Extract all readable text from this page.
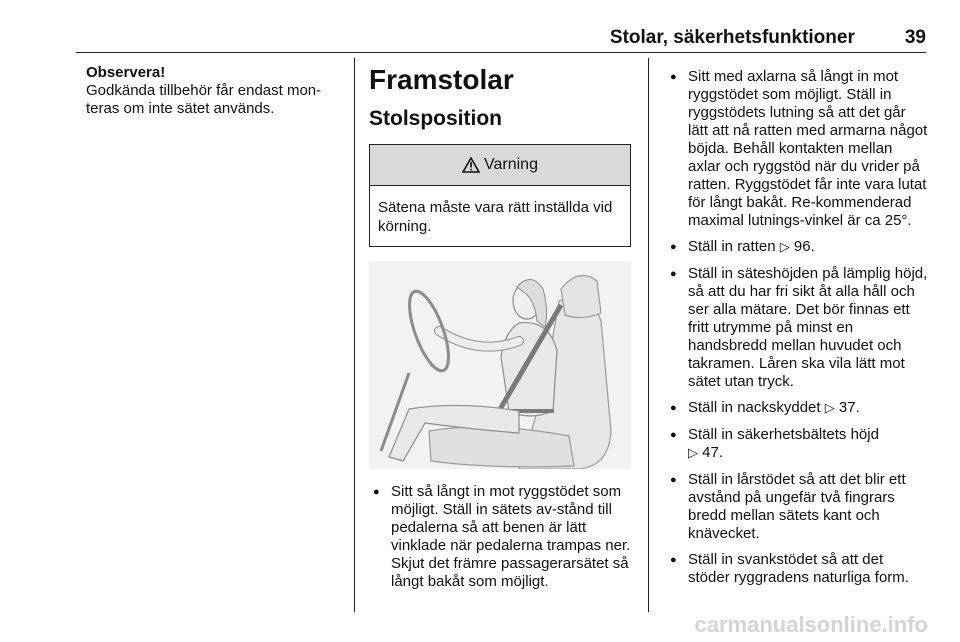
Stolar, säkerhetsfunktioner	39
Observera!
Godkända tillbehör får endast mon-teras om inte sätet används.
Framstolar
Stolsposition
Varning
Sätena måste vara rätt inställda vid körning.
● Sitt så långt in mot ryggstödet som möjligt. Ställ in sätets av-stånd till pedalerna så att benen är lätt vinklade när pedalerna trampas ner. Skjut det främre passagerarsätet så långt bakåt som möjligt.
● Sitt med axlarna så långt in mot ryggstödet som möjligt. Ställ in ryggstödets lutning så att det går lätt att nå ratten med armarna något böjda. Behåll kontakten mellan axlar och ryggstöd när du vrider på ratten. Ryggstödet får inte vara lutat för långt bakåt. Re-kommenderad maximal lutnings-vinkel är ca 25°.
● Ställ in ratten ▷ 96.
● Ställ in säteshöjden på lämplig höjd, så att du har fri sikt åt alla håll och ser alla mätare. Det bör finnas ett fritt utrymme på minst en handsbredd mellan huvudet och takramen. Låren ska vila lätt mot sätet utan tryck.
● Ställ in nackskyddet ▷ 37.
● Ställ in säkerhetsbältets höjd
▷ 47.
● Ställ in lårstödet så att det blir ett avstånd på ungefär två fingrars bredd mellan sätets kant och knävecket.
● Ställ in svankstödet så att det stöder ryggradens naturliga form.
carmanualsonline.info
